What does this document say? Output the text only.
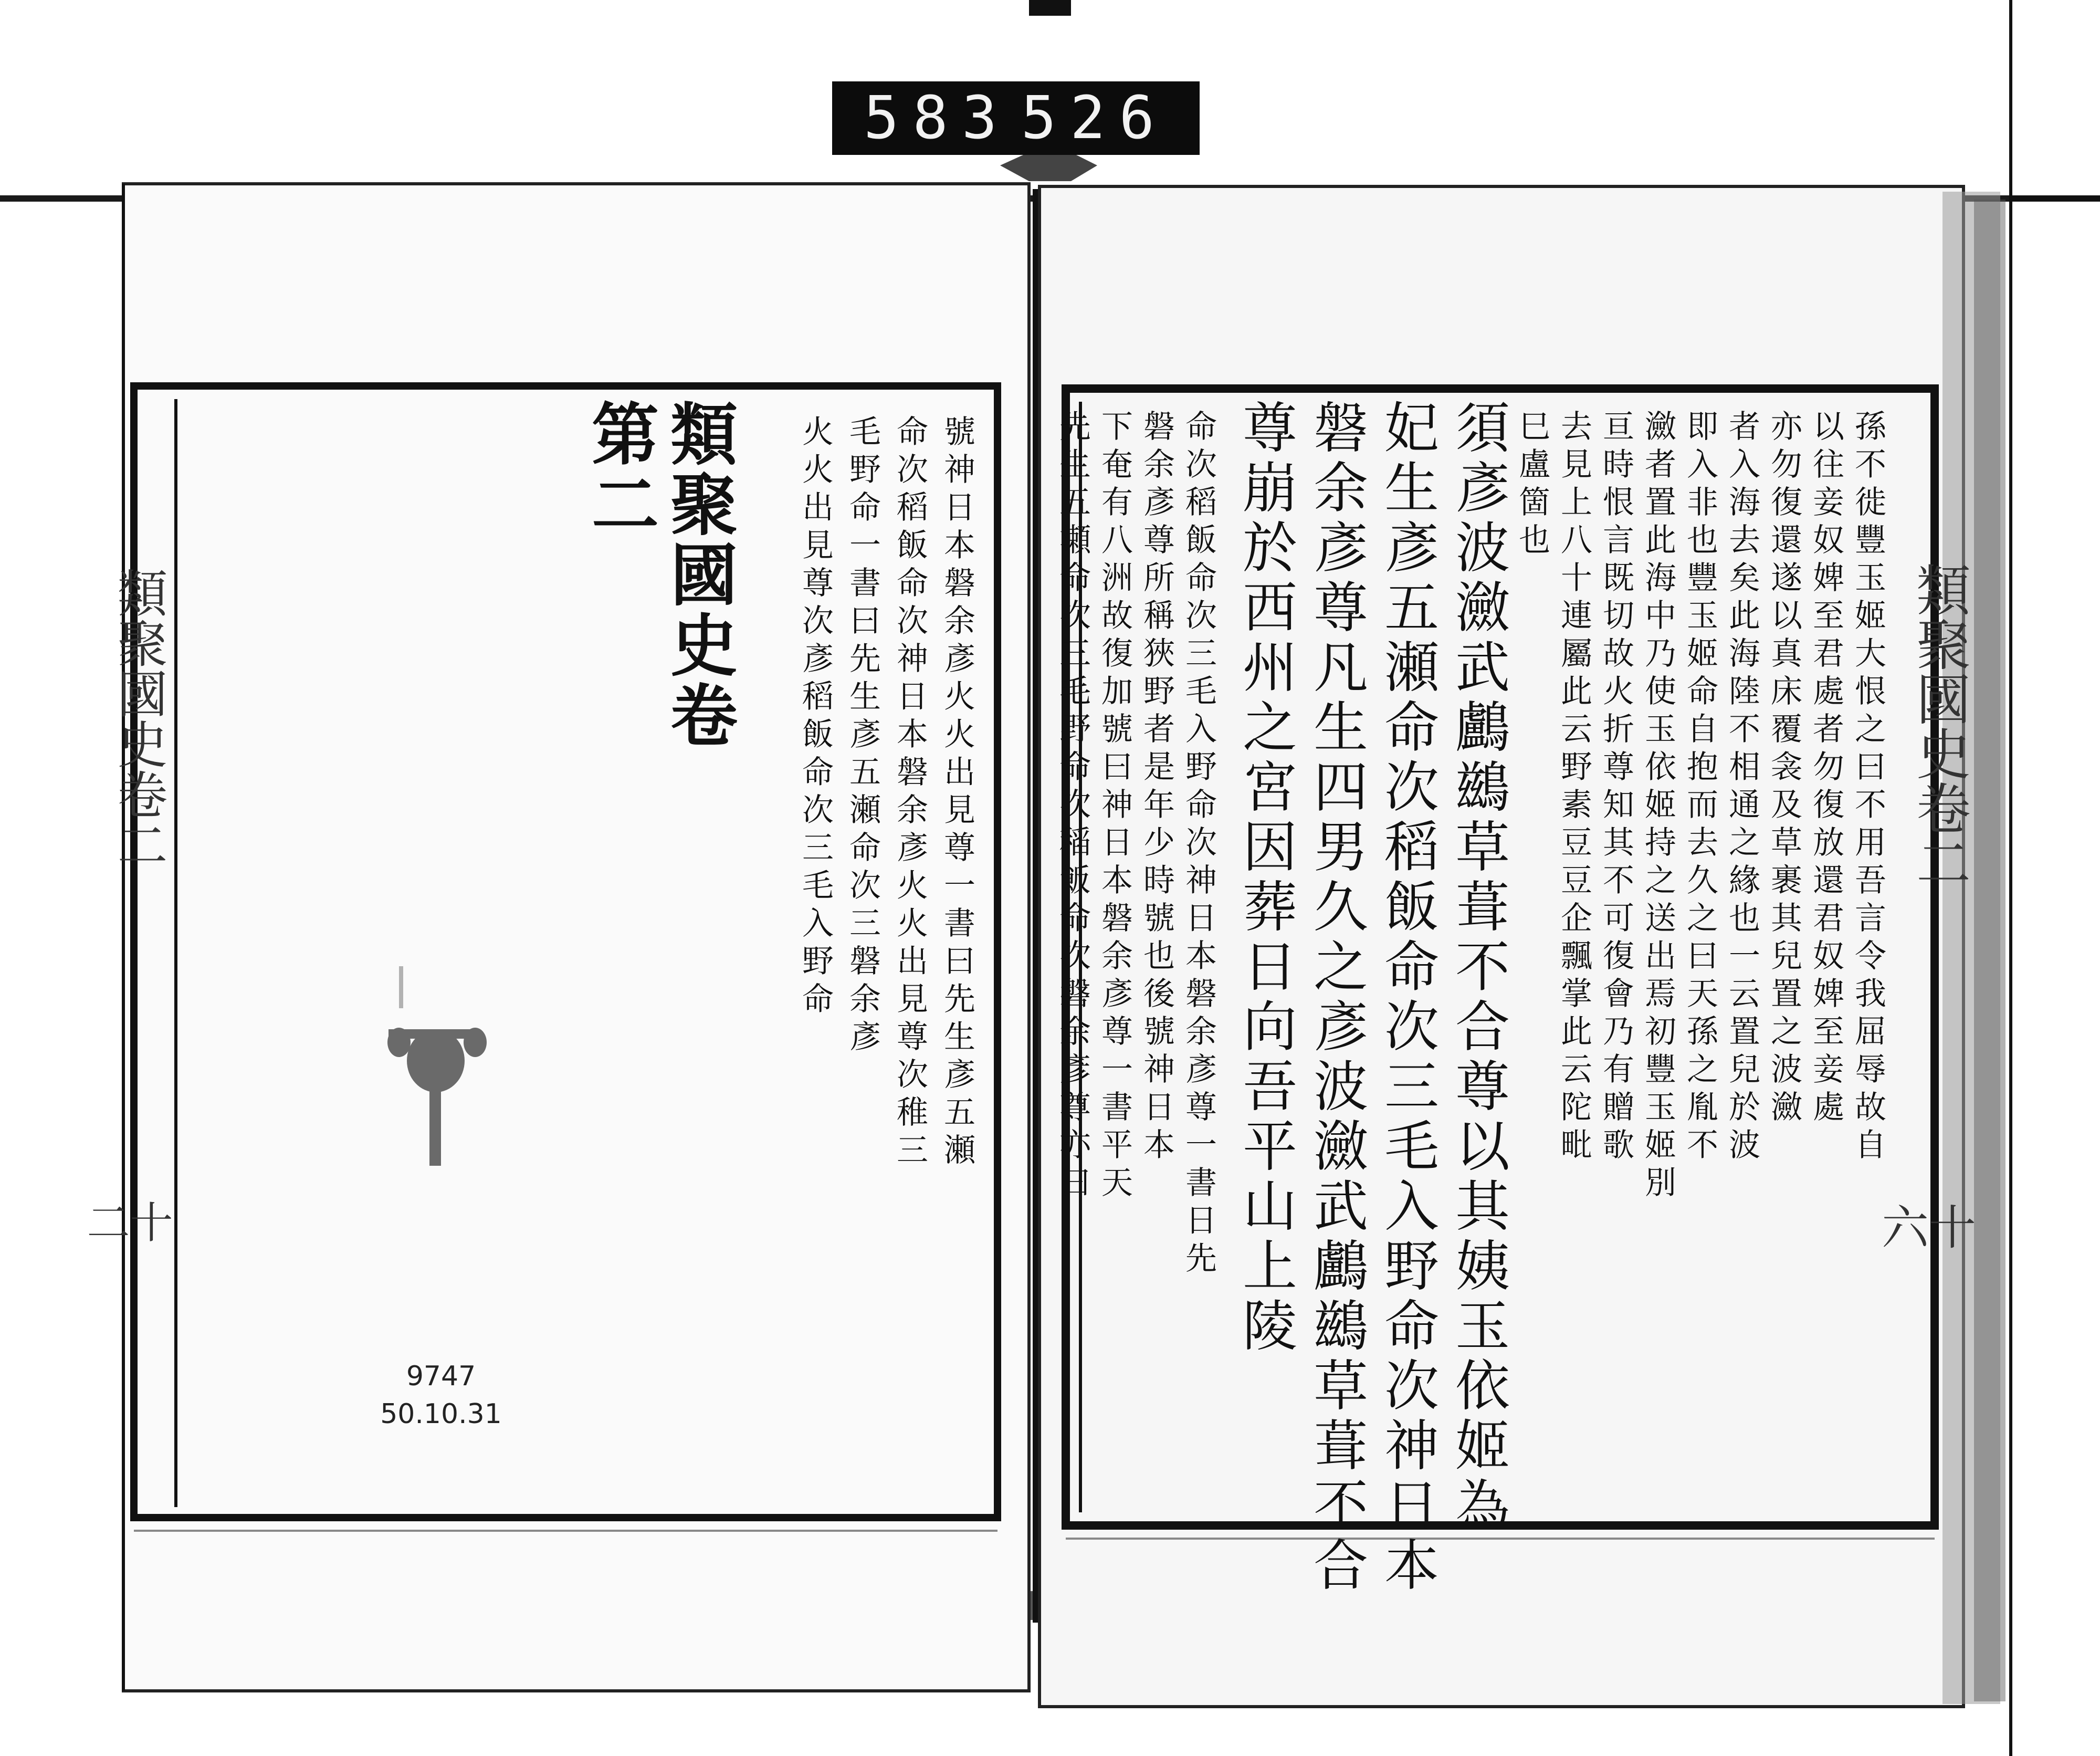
583 526
類聚國史卷二
十二
類聚國史卷第二	號神日本磐余彥火火出見尊一書曰先生彥五瀬
命次稻飯命次神日本磐余彥火火出見尊次稚三
毛野命一書曰先生彥五瀬命次三磐余彥
火火出見尊次彥稻飯命次三毛入野命
9747
50.10.31
類聚國史卷二
十六
孫不徙豐玉姬大恨之曰不用吾言令我屈辱故自
以往妾奴婢至君處者勿復放還君奴婢至妾處
亦勿復還遂以真床覆衾及草裹其兒置之波瀲
者入海去矣此海陸不相通之緣也一云置兒於波
即入非也豐玉姬命自抱而去久之曰天孫之胤不
瀲者置此海中乃使玉依姬持之送出焉初豐玉姬別
亘時恨言既切故火折尊知其不可復會乃有贈歌
去見上八十連屬此云野素豆豆企飄掌此云陀毗
巳盧箇也
須彥波瀲武鸕鷀草葺不合尊以其姨玉依姬為
妃生彥五瀬命次稻飯命次三毛入野命次神日本
磐余彥尊凡生四男久之彥波瀲武鸕鷀草葺不合
尊崩於西州之宮因葬日向吾平山上陵
命次稻飯命次三毛入野命次神日本磐余彥尊一書日先
磐余彥尊所稱狹野者是年少時號也後號神日本
下奄有八洲故復加號曰神日本磐余彥尊一書平天
先生五瀬命次三毛野命次稻飯命次磐余彥尊亦曰
